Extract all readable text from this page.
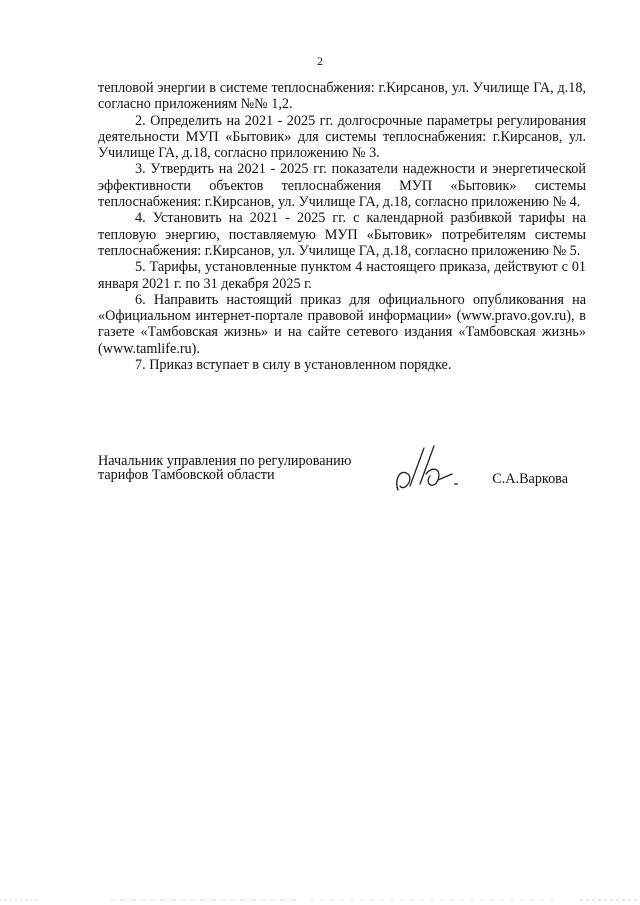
2

тепловой энергии в системе теплоснабжения: г.Кирсанов, ул. Училище ГА, д.18, согласно приложениям №№ 1,2.

2. Определить на 2021 - 2025 гг. долгосрочные параметры регулирования деятельности МУП «Бытовик» для системы теплоснабжения: г.Кирсанов, ул. Училище ГА, д.18, согласно приложению № 3.

3. Утвердить на 2021 - 2025 гг. показатели надежности и энергетической эффективности объектов теплоснабжения МУП «Бытовик» системы теплоснабжения: г.Кирсанов, ул. Училище ГА, д.18, согласно приложению № 4.

4. Установить на 2021 - 2025 гг. с календарной разбивкой тарифы на тепловую энергию, поставляемую МУП «Бытовик» потребителям системы теплоснабжения: г.Кирсанов, ул. Училище ГА, д.18, согласно приложению № 5.

5. Тарифы, установленные пунктом 4 настоящего приказа, действуют с 01 января 2021 г. по 31 декабря 2025 г.

6. Направить настоящий приказ для официального опубликования на «Официальном интернет-портале правовой информации» (www.pravo.gov.ru), в газете «Тамбовская жизнь» и на сайте сетевого издания «Тамбовская жизнь» (www.tamlife.ru).

7. Приказ вступает в силу в установленном порядке.

Начальник управления по регулированию
тарифов Тамбовской области	С.А.Варкова
